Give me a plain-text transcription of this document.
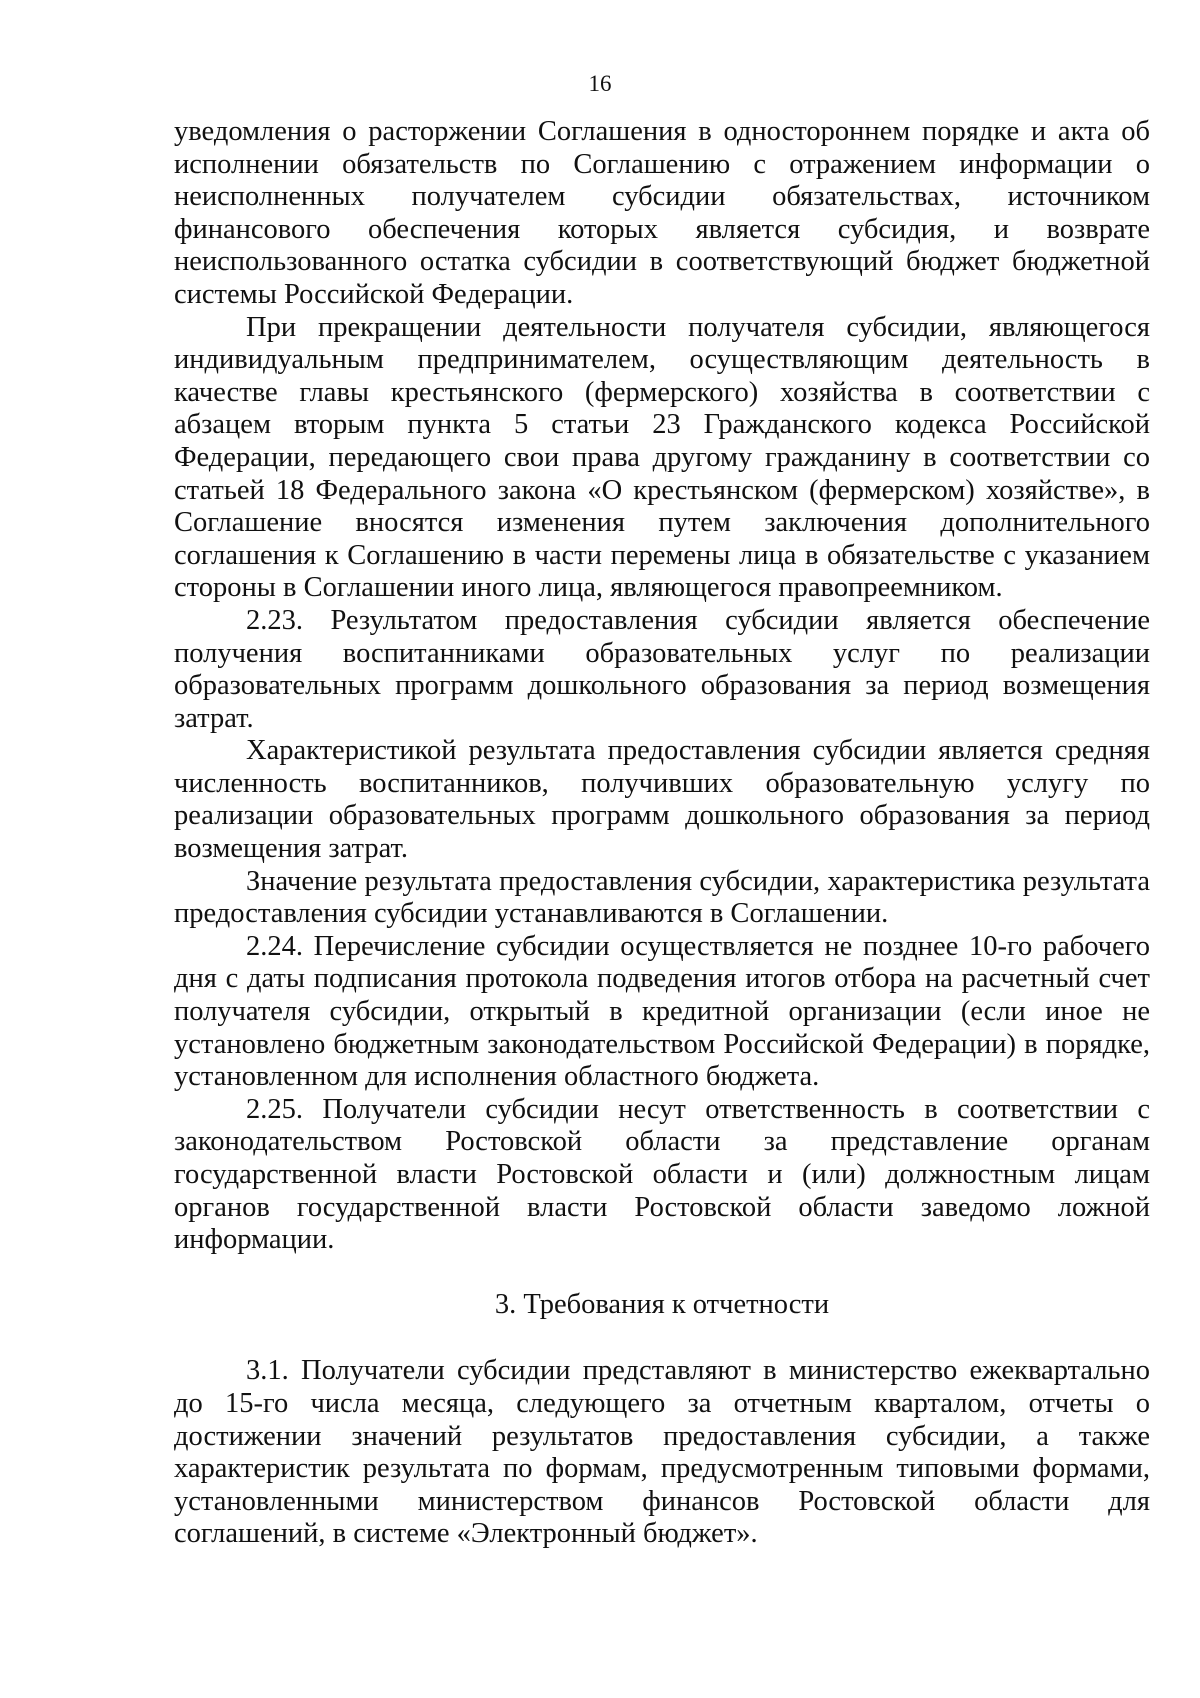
16

уведомления о расторжении Соглашения в одностороннем порядке и акта об исполнении обязательств по Соглашению с отражением информации о неисполненных получателем субсидии обязательствах, источником финансового обеспечения которых является субсидия, и возврате неиспользованного остатка субсидии в соответствующий бюджет бюджетной системы Российской Федерации.

При прекращении деятельности получателя субсидии, являющегося индивидуальным предпринимателем, осуществляющим деятельность в качестве главы крестьянского (фермерского) хозяйства в соответствии с абзацем вторым пункта 5 статьи 23 Гражданского кодекса Российской Федерации, передающего свои права другому гражданину в соответствии со статьей 18 Федерального закона «О крестьянском (фермерском) хозяйстве», в Соглашение вносятся изменения путем заключения дополнительного соглашения к Соглашению в части перемены лица в обязательстве с указанием стороны в Соглашении иного лица, являющегося правопреемником.

2.23. Результатом предоставления субсидии является обеспечение получения воспитанниками образовательных услуг по реализации образовательных программ дошкольного образования за период возмещения затрат.

Характеристикой результата предоставления субсидии является средняя численность воспитанников, получивших образовательную услугу по реализации образовательных программ дошкольного образования за период возмещения затрат.

Значение результата предоставления субсидии, характеристика результата предоставления субсидии устанавливаются в Соглашении.

2.24. Перечисление субсидии осуществляется не позднее 10-го рабочего дня с даты подписания протокола подведения итогов отбора на расчетный счет получателя субсидии, открытый в кредитной организации (если иное не установлено бюджетным законодательством Российской Федерации) в порядке, установленном для исполнения областного бюджета.

2.25. Получатели субсидии несут ответственность в соответствии с законодательством Ростовской области за представление органам государственной власти Ростовской области и (или) должностным лицам органов государственной власти Ростовской области заведомо ложной информации.

3. Требования к отчетности

3.1. Получатели субсидии представляют в министерство ежеквартально до 15-го числа месяца, следующего за отчетным кварталом, отчеты о достижении значений результатов предоставления субсидии, а также характеристик результата по формам, предусмотренным типовыми формами, установленными министерством финансов Ростовской области для соглашений, в системе «Электронный бюджет».
